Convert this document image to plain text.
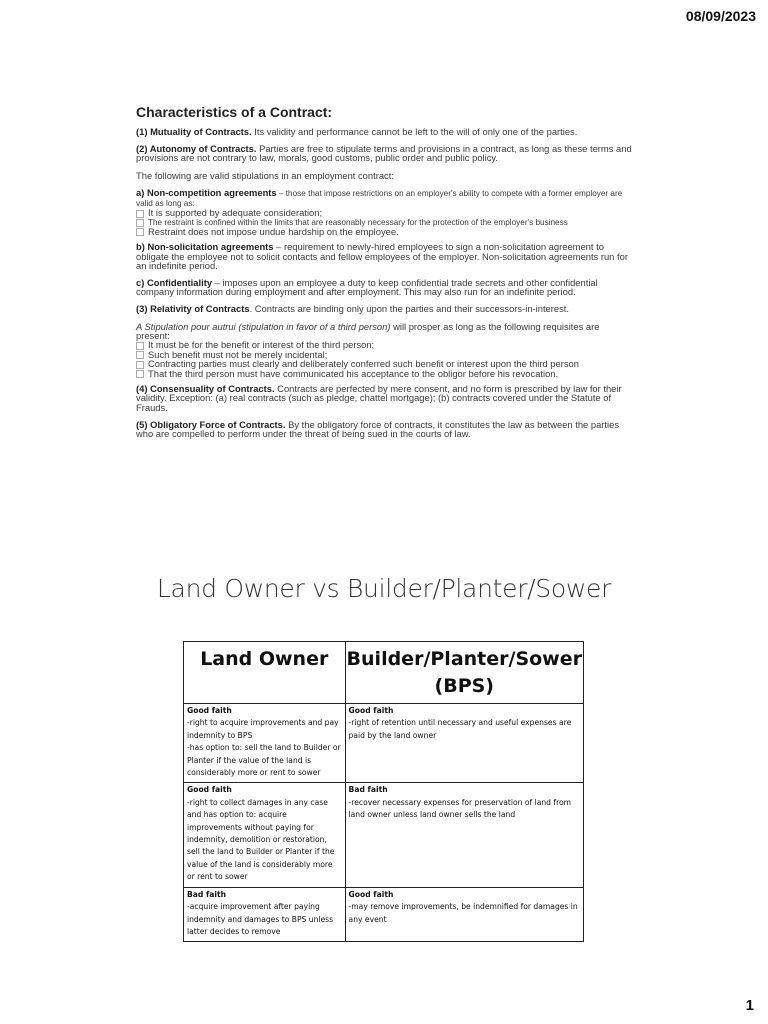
08/09/2023
Characteristics of a Contract:

(1) Mutuality of Contracts. Its validity and performance cannot be left to the will of only one of the parties.

(2) Autonomy of Contracts. Parties are free to stipulate terms and provisions in a contract, as long as these terms and provisions are not contrary to law, morals, good customs, public order and public policy.

The following are valid stipulations in an employment contract:

a) Non-competition agreements – those that impose restrictions on an employer's ability to compete with a former employer are valid as long as:
It is supported by adequate consideration;
The restraint is confined within the limits that are reasonably necessary for the protection of the employer's business
Restraint does not impose undue hardship on the employee.

b) Non-solicitation agreements – requirement to newly-hired employees to sign a non-solicitation agreement to obligate the employee not to solicit contacts and fellow employees of the employer. Non-solicitation agreements run for an indefinite period.

c) Confidentiality – imposes upon an employee a duty to keep confidential trade secrets and other confidential company information during employment and after employment. This may also run for an indefinite period.

(3) Relativity of Contracts. Contracts are binding only upon the parties and their successors-in-interest.

A Stipulation pour autrui (stipulation in favor of a third person) will prosper as long as the following requisites are present:
It must be for the benefit or interest of the third person;
Such benefit must not be merely incidental;
Contracting parties must clearly and deliberately conferred such benefit or interest upon the third person
That the third person must have communicated his acceptance to the obligor before his revocation.

(4) Consensuality of Contracts. Contracts are perfected by mere consent, and no form is prescribed by law for their validity. Exception: (a) real contracts (such as pledge, chattel mortgage); (b) contracts covered under the Statute of Frauds.

(5) Obligatory Force of Contracts. By the obligatory force of contracts, it constitutes the law as between the parties who are compelled to perform under the threat of being sued in the courts of law.

Land Owner vs Builder/Planter/Sower
Land Owner	Builder/Planter/Sower (BPS)

Good faith
-right to acquire improvements and pay indemnity to BPS
-has option to: sell the land to Builder or Planter if the value of the land is considerably more or rent to sower	Good faith
-right of retention until necessary and useful expenses are paid by the land owner

Good faith
-right to collect damages in any case and has option to: acquire improvements without paying for indemnity, demolition or restoration, sell the land to Builder or Planter if the value of the land is considerably more or rent to sower	Bad faith
-recover necessary expenses for preservation of land from land owner unless land owner sells the land

Bad faith
-acquire improvement after paying indemnity and damages to BPS unless latter decides to remove	Good faith
-may remove improvements, be indemnified for damages in any event
1
